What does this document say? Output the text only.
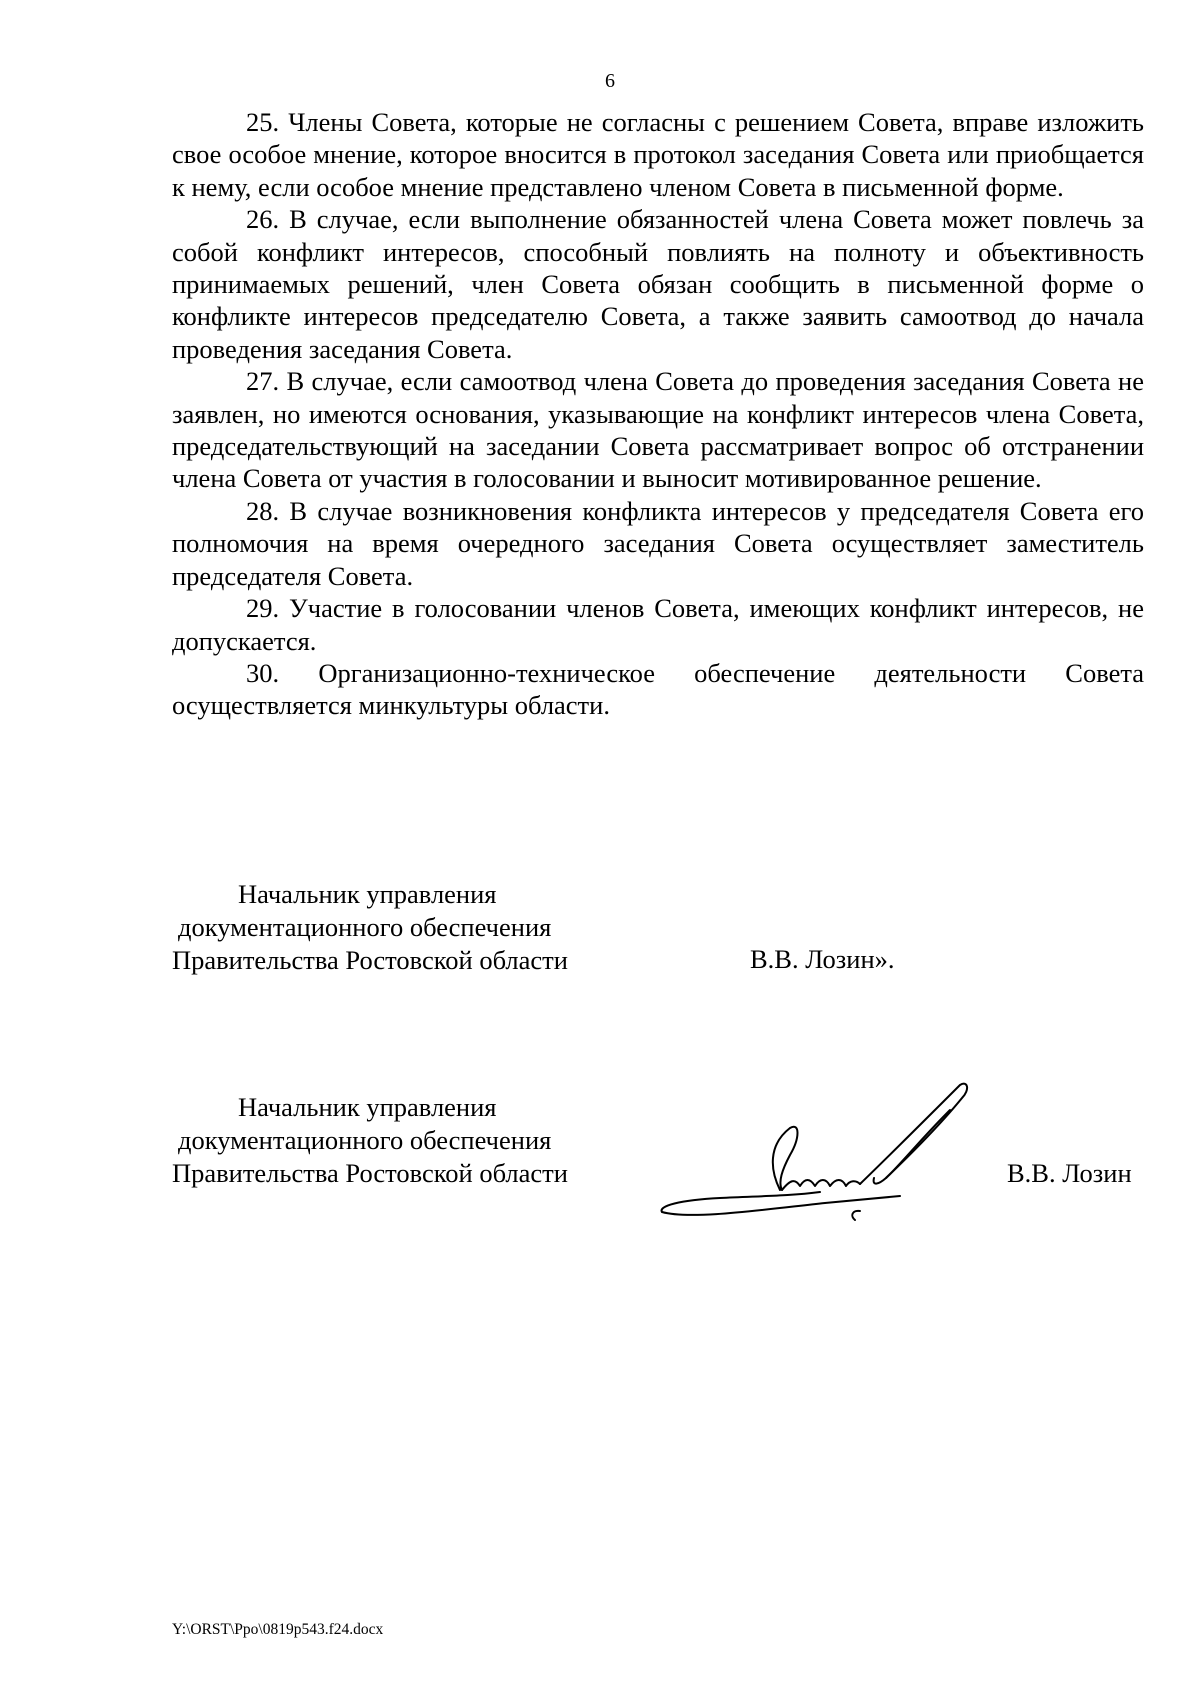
6

25. Члены Совета, которые не согласны с решением Совета, вправе изложить свое особое мнение, которое вносится в протокол заседания Совета или приобщается к нему, если особое мнение представлено членом Совета в письменной форме.

26. В случае, если выполнение обязанностей члена Совета может повлечь за собой конфликт интересов, способный повлиять на полноту и объективность принимаемых решений, член Совета обязан сообщить в письменной форме о конфликте интересов председателю Совета, а также заявить самоотвод до начала проведения заседания Совета.

27. В случае, если самоотвод члена Совета до проведения заседания Совета не заявлен, но имеются основания, указывающие на конфликт интересов члена Совета, председательствующий на заседании Совета рассматривает вопрос об отстранении члена Совета от участия в голосовании и выносит мотивированное решение.

28. В случае возникновения конфликта интересов у председателя Совета его полномочия на время очередного заседания Совета осуществляет заместитель председателя Совета.

29. Участие в голосовании членов Совета, имеющих конфликт интересов, не допускается.

30. Организационно-техническое обеспечение деятельности Совета осуществляется минкультуры области.

Начальник управления
документационного обеспечения
Правительства Ростовской области	В.В. Лозин».
Начальник управления
документационного обеспечения
Правительства Ростовской области	В.В. Лозин
Y:\ORST\Ppo\0819p543.f24.docx
